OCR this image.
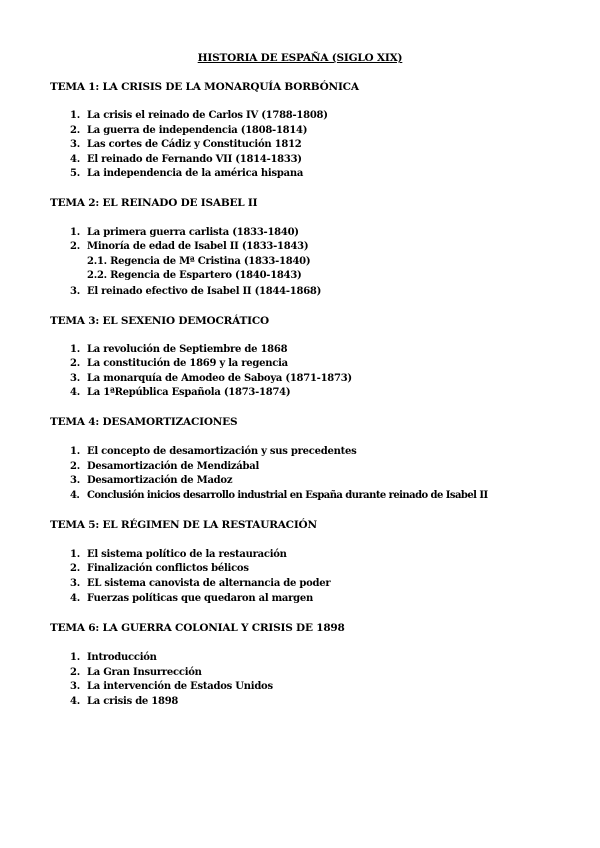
HISTORIA DE ESPAÑA (SIGLO XIX)
TEMA 1: LA CRISIS DE LA MONARQUÍA BORBÓNICA
1. La crisis el reinado de Carlos IV (1788-1808)
2. La guerra de independencia (1808-1814)
3. Las cortes de Cádiz y Constitución 1812
4. El reinado de Fernando VII (1814-1833)
5. La independencia de la américa hispana
TEMA 2: EL REINADO DE ISABEL II
1. La primera guerra carlista (1833-1840)
2. Minoría de edad de Isabel II (1833-1843)
2.1. Regencia de Mª Cristina (1833-1840)
2.2. Regencia de Espartero (1840-1843)
3. El reinado efectivo de Isabel II (1844-1868)
TEMA 3: EL SEXENIO DEMOCRÁTICO
1. La revolución de Septiembre de 1868
2. La constitución de 1869 y la regencia
3. La monarquía de Amodeo de Saboya (1871-1873)
4. La 1ªRepública Española (1873-1874)
TEMA 4: DESAMORTIZACIONES
1. El concepto de desamortización y sus precedentes
2. Desamortización de Mendizábal
3. Desamortización de Madoz
4. Conclusión inicios desarrollo industrial en España durante reinado de Isabel II
TEMA 5: EL RÉGIMEN DE LA RESTAURACIÓN
1. El sistema político de la restauración
2. Finalización conflictos bélicos
3. EL sistema canovista de alternancia de poder
4. Fuerzas políticas que quedaron al margen
TEMA 6: LA GUERRA COLONIAL Y CRISIS DE 1898
1. Introducción
2. La Gran Insurrección
3. La intervención de Estados Unidos
4. La crisis de 1898
